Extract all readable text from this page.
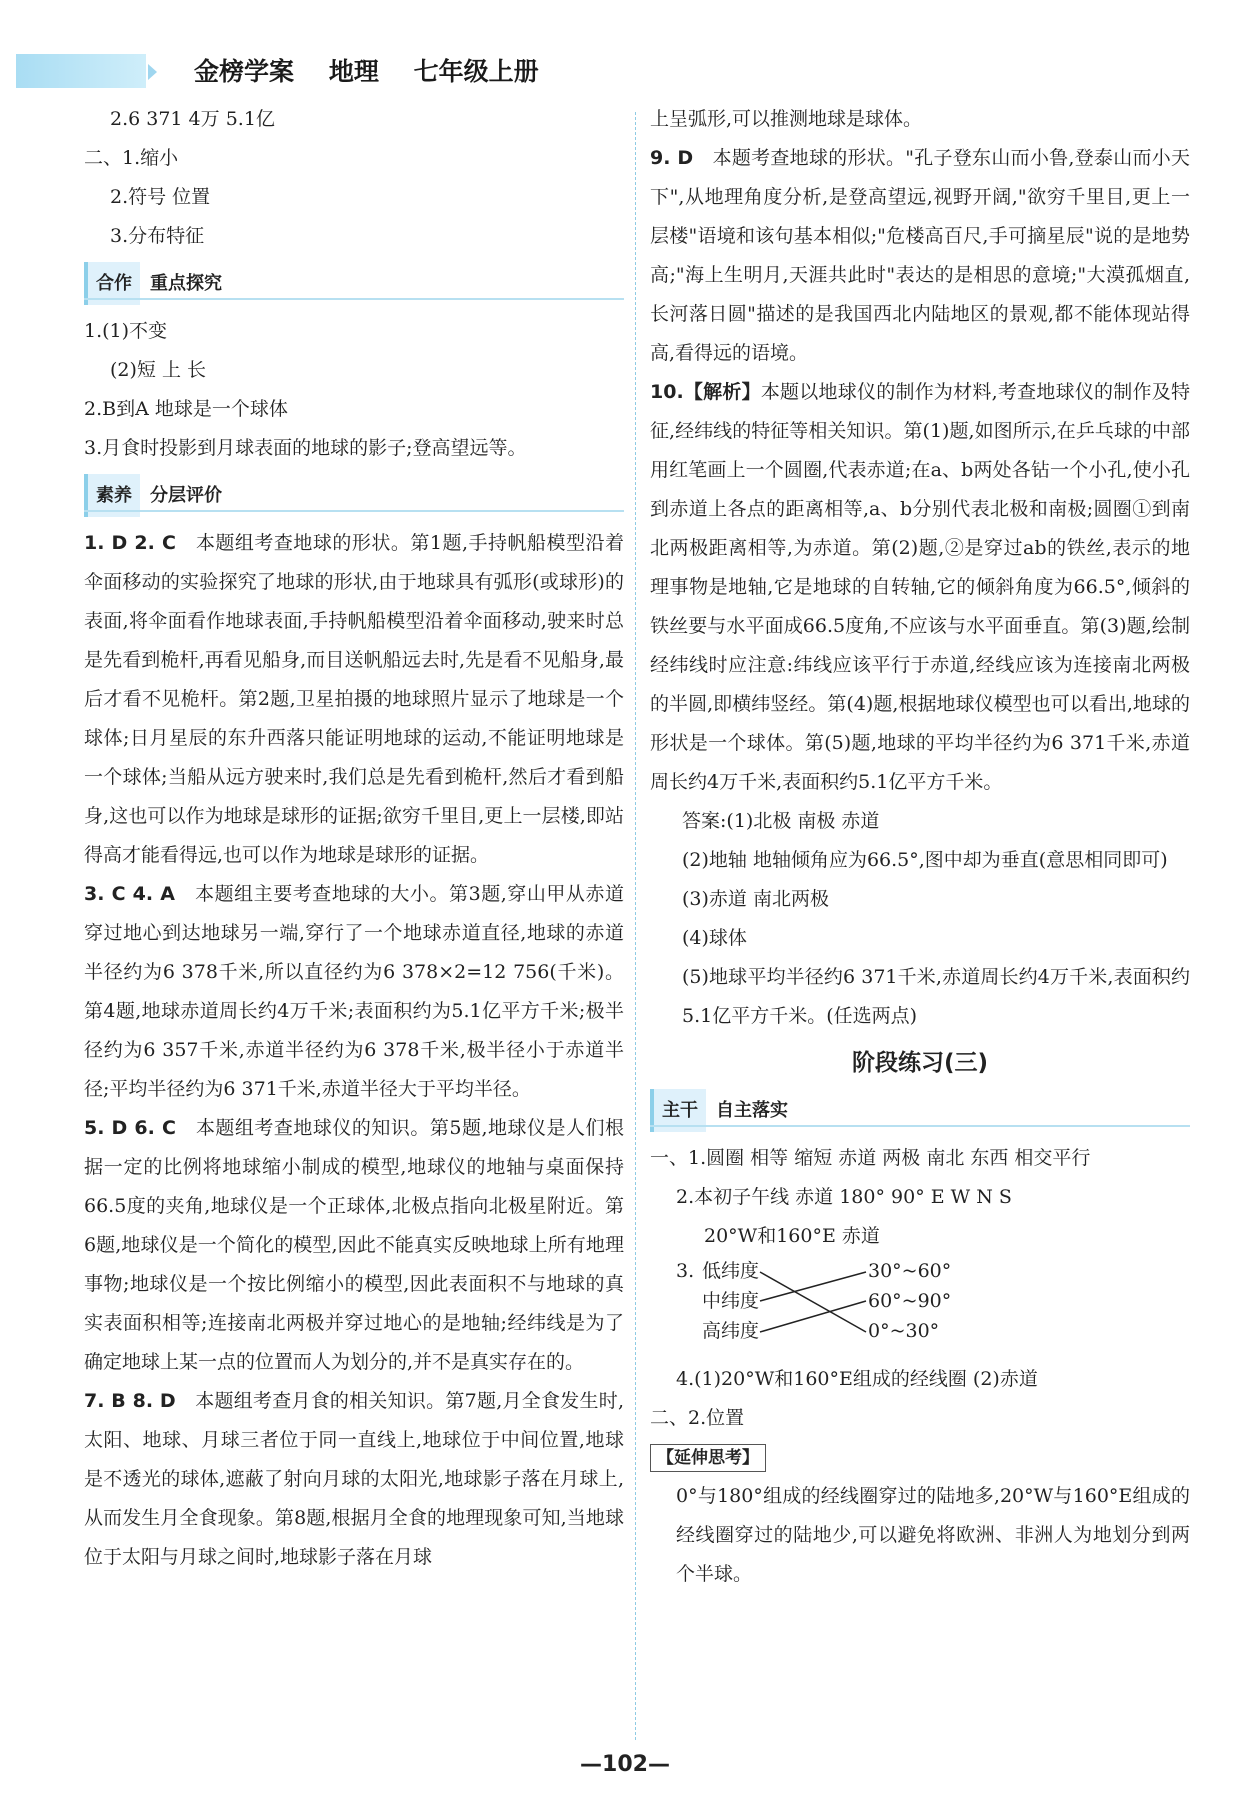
金榜学案    地理    七年级上册

2.6 371 4万 5.1亿

二、1.缩小

2.符号 位置

3.分布特征

合作 重点探究

1.(1)不变

(2)短 上 长

2.B到A 地球是一个球体

3.月食时投影到月球表面的地球的影子;登高望远等。

素养 分层评价

1. D 2. C　 本题组考查地球的形状。第1题,手持帆船模型沿着伞面移动的实验探究了地球的形状,由于地球具有弧形(或球形)的表面,将伞面看作地球表面,手持帆船模型沿着伞面移动,驶来时总是先看到桅杆,再看见船身,而目送帆船远去时,先是看不见船身,最后才看不见桅杆。第2题,卫星拍摄的地球照片显示了地球是一个球体;日月星辰的东升西落只能证明地球的运动,不能证明地球是一个球体;当船从远方驶来时,我们总是先看到桅杆,然后才看到船身,这也可以作为地球是球形的证据;欲穷千里目,更上一层楼,即站得高才能看得远,也可以作为地球是球形的证据。

3. C 4. A　 本题组主要考查地球的大小。第3题,穿山甲从赤道穿过地心到达地球另一端,穿行了一个地球赤道直径,地球的赤道半径约为6 378千米,所以直径约为6 378×2=12 756(千米)。第4题,地球赤道周长约4万千米;表面积约为5.1亿平方千米;极半径约为6 357千米,赤道半径约为6 378千米,极半径小于赤道半径;平均半径约为6 371千米,赤道半径大于平均半径。

5. D 6. C　 本题组考查地球仪的知识。第5题,地球仪是人们根据一定的比例将地球缩小制成的模型,地球仪的地轴与桌面保持66.5度的夹角,地球仪是一个正球体,北极点指向北极星附近。第6题,地球仪是一个简化的模型,因此不能真实反映地球上所有地理事物;地球仪是一个按比例缩小的模型,因此表面积不与地球的真实表面积相等;连接南北两极并穿过地心的是地轴;经纬线是为了确定地球上某一点的位置而人为划分的,并不是真实存在的。

7. B 8. D　 本题组考查月食的相关知识。第7题,月全食发生时,太阳、地球、月球三者位于同一直线上,地球位于中间位置,地球是不透光的球体,遮蔽了射向月球的太阳光,地球影子落在月球上,从而发生月全食现象。第8题,根据月全食的地理现象可知,当地球位于太阳与月球之间时,地球影子落在月球

上呈弧形,可以推测地球是球体。

9. D　 本题考查地球的形状。"孔子登东山而小鲁,登泰山而小天下",从地理角度分析,是登高望远,视野开阔,"欲穷千里目,更上一层楼"语境和该句基本相似;"危楼高百尺,手可摘星辰"说的是地势高;"海上生明月,天涯共此时"表达的是相思的意境;"大漠孤烟直,长河落日圆"描述的是我国西北内陆地区的景观,都不能体现站得高,看得远的语境。

10.【解析】本题以地球仪的制作为材料,考查地球仪的制作及特征,经纬线的特征等相关知识。第(1)题,如图所示,在乒乓球的中部用红笔画上一个圆圈,代表赤道;在a、b两处各钻一个小孔,使小孔到赤道上各点的距离相等,a、b分别代表北极和南极;圆圈①到南北两极距离相等,为赤道。第(2)题,②是穿过ab的铁丝,表示的地理事物是地轴,它是地球的自转轴,它的倾斜角度为66.5°,倾斜的铁丝要与水平面成66.5度角,不应该与水平面垂直。第(3)题,绘制经纬线时应注意:纬线应该平行于赤道,经线应该为连接南北两极的半圆,即横纬竖经。第(4)题,根据地球仪模型也可以看出,地球的形状是一个球体。第(5)题,地球的平均半径约为6 371千米,赤道周长约4万千米,表面积约5.1亿平方千米。

答案:(1)北极 南极 赤道

(2)地轴 地轴倾角应为66.5°,图中却为垂直(意思相同即可)

(3)赤道 南北两极

(4)球体

(5)地球平均半径约6 371千米,赤道周长约4万千米,表面积约5.1亿平方千米。(任选两点)

阶段练习(三)
主干 自主落实

一、1.圆圈 相等 缩短 赤道 两极 南北 东西 相交平行

2.本初子午线 赤道 180° 90° E W N S

20°W和160°E 赤道

3. 低纬度
中纬度
高纬度
30°~60°
60°~90°
0°~30°

4.(1)20°W和160°E组成的经线圈 (2)赤道

二、2.位置

【延伸思考】

0°与180°组成的经线圈穿过的陆地多,20°W与160°E组成的经线圈穿过的陆地少,可以避免将欧洲、非洲人为地划分到两个半球。

—102—
